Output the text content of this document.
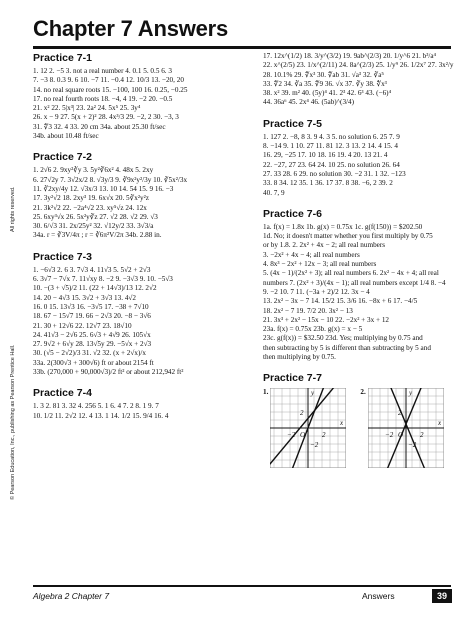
Chapter 7 Answers
All rights reserved.
© Pearson Education, Inc., publishing as Pearson Prentice Hall.
Practice 7-1
1. 12 2. −5 3. not a real number 4. 0.1 5. 0.5 6. 3
7. −3 8. 0.3 9. 6 10. −7 11. −0.4 12. 10/3 13. −20, 20
14. no real square roots 15. −100, 100 16. 0.25, −0.25
17. no real fourth roots 18. −4, 4 19. −2 20. −0.5
21. x² 22. 5|x³| 23. 2a² 24. 5x⁵ 25. 3y⁴
26. x − 9 27. 5(x + 2)² 28. 4x³/3 29. −2, 2 30. −3, 3
31. ∜3 32. 4 33. 20 cm 34a. about 25.30 ft/sec
34b. about 10.48 ft/sec
Practice 7-2
1. 2√6 2. 9xy²∛y 3. 5y²∛6x² 4. 48x 5. 2xy
6. 27√2y 7. 3√2x/2 8. √3y/3 9. ∛9x²y²/3y 10. ∛5x²/3x
11. ∛2xy/4y 12. √3x/3 13. 10 14. 54 15. 9 16. −3
17. 3y²√2 18. 2xy³ 19. 6x√x 20. 5∛x²y²z
21. 3k²√2 22. −2a⁴√2 23. xy⁵√z 24. 12x
25. 6xy³√x 26. 5x²y∛z 27. √2 28. √2 29. √3
30. 6/√3 31. 2x/25y² 32. √12y/2 33. 3√3/a
34a. r = ∛3V/4π ; r = ∛6π²V/2π 34b. 2.88 in.
Practice 7-3
1. −6√3 2. 6 3. 7√3 4. 11√3 5. 5√2 + 2√3
6. 3√7 − 7√x 7. 11√xy 8. −2 9. −3√3 9. 10. −5√3
10. −(3 + √5)/2 11. (22 + 14√3)/13 12. 2√2
14. 20 − 4√3 15. 3√2 + 3√3 13. 4√2
16. 0 15. 13√3 16. −3√5 17. −38 + 7√10
18. 67 − 15√7 19. 66 − 2√3 20. −8 − 3√6
21. 30 + 12√6 22. 12√7 23. 18√10
24. 41√3 − 2√6 25. 6√3 + 4√9 26. 105√x
27. 9√2 + 6√y 28. 13√5y 29. −5√x + 2√3
30. (√5 − 2√2)/3 31. √2 32. (x + 2√x)/x
33a. 2(300√3 + 300√6) ft or about 2154 ft
33b. (270,000 + 90,000√3)/2 ft² or about 212,942 ft²
Practice 7-4
1. 3 2. 81 3. 32 4. 256 5. 1 6. 4 7. 2 8. 1 9. 7
10. 1/2 11. 2√2 12. 4 13. 1 14. 1/2 15. 9/4 16. 4
17. 12x^(1/2) 18. 3/y^(3/2) 19. 9ab^(2/3) 20. 1/y^6 21. b³/a⁴
22. x^(2/5) 23. 1/x^(2/11) 24. 8a^(2/3) 25. 1/y⁹ 26. 1/2x⁷ 27. 3x²/y
28. 10.1% 29. ∜x³ 30. ∜ab 31. √a³ 32. ∛a⁵
33. ∜2 34. ∛a 35. ∜9 36. √x 37. ∛y 38. ∜x³
38. x² 39. m² 40. (5y)⁴ 41. 2³ 42. 6³ 43. (−6)⁴
44. 36a⁶ 45. 2x⁴ 46. (5ab)^(3/4)
Practice 7-5
1. 127 2. −8, 8 3. 9 4. 3 5. no solution 6. 25 7. 9
8. −14 9. 1 10. 27 11. 81 12. 3 13. 2 14. 4 15. 4
16. 29, −25 17. 10 18. 16 19. 4 20. 13 21. 4
22. −27, 27 23. 64 24. 10 25. no solution 26. 64
27. 33 28. 6 29. no solution 30. −2 31. 1 32. −123
33. 8 34. 12 35. 1 36. 17 37. 8 38. −6, 2 39. 2
40. 7, 9
Practice 7-6
1a. f(x) = 1.8x 1b. g(x) = 0.75x 1c. g(f(150)) = $202.50
1d. No; it doesn't matter whether you first multiply by 0.75
or by 1.8. 2. 2x² + 4x − 2; all real numbers
3. −2x² + 4x − 4; all real numbers
4. 8x³ − 2x² + 12x − 3; all real numbers
5. (4x − 1)/(2x² + 3); all real numbers 6. 2x² − 4x + 4; all real
numbers 7. (2x² + 3)/(4x − 1); all real numbers except 1/4 8. −4
9. −2 10. 7 11. (−3a + 2)/2 12. 3x − 4
13. 2x² − 3x − 7 14. 15/2 15. 3/6 16. −8x + 6 17. −4/5
18. 2x² − 7 19. 7/2 20. 3x² − 13
21. 3x³ + 2x² − 15x − 10 22. −2x² + 3x + 12
23a. f(x) = 0.75x 23b. g(x) = x − 5
23c. g(f(x)) = $32.50 23d. Yes; multiplying by 0.75 and
then subtracting by 5 is different than subtracting by 5 and
then multiplying by 0.75.
Practice 7-7
1.
x
y
O 2
2
−2
−2
2.
x
y
O 2
2
−2
−2
Algebra 2 Chapter 7	Answers	39
